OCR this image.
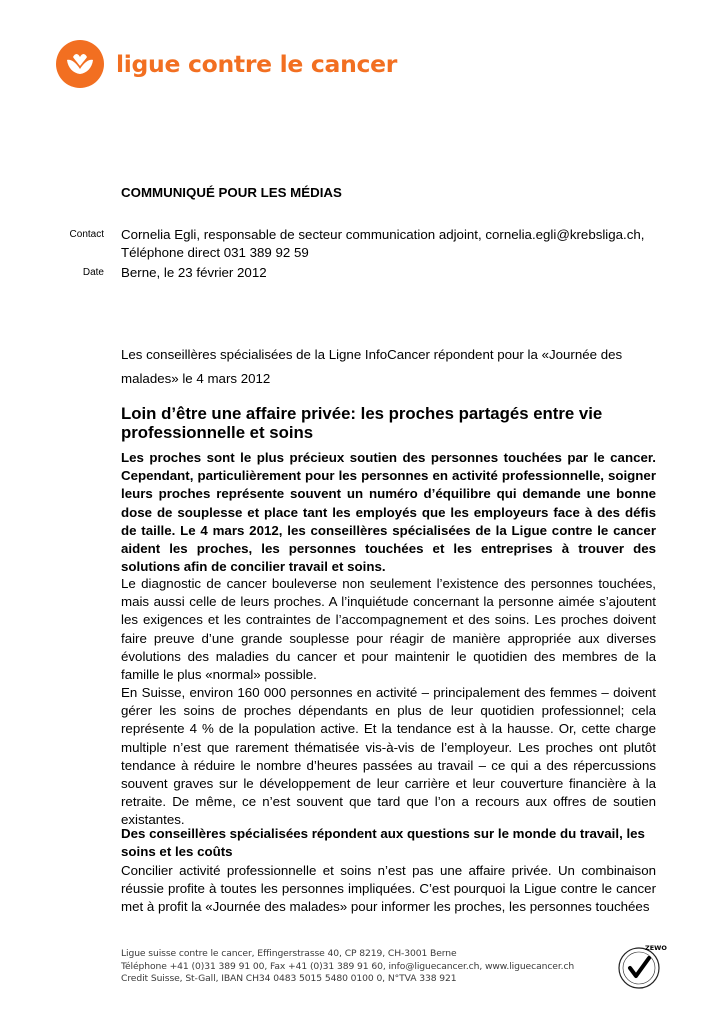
ligue contre le cancer
COMMUNIQUÉ POUR LES MÉDIAS
Contact Cornelia Egli, responsable de secteur communication adjoint, cornelia.egli@krebsliga.ch,
Téléphone direct 031 389 92 59
Date Berne, le 23 février 2012
Les conseillères spécialisées de la Ligne InfoCancer répondent pour la «Journée des malades» le 4 mars 2012
Loin d’être une affaire privée: les proches partagés entre vie professionnelle et soins
Les proches sont le plus précieux soutien des personnes touchées par le cancer. Cependant, particulièrement pour les personnes en activité professionnelle, soigner leurs proches représente souvent un numéro d’équilibre qui demande une bonne dose de souplesse et place tant les employés que les employeurs face à des défis de taille. Le 4 mars 2012, les conseillères spécialisées de la Ligue contre le cancer aident les proches, les personnes touchées et les entreprises à trouver des solutions afin de concilier travail et soins.
Le diagnostic de cancer bouleverse non seulement l’existence des personnes touchées, mais aussi celle de leurs proches. A l’inquiétude concernant la personne aimée s’ajoutent les exigences et les contraintes de l’accompagnement et des soins. Les proches doivent faire preuve d’une grande souplesse pour réagir de manière appropriée aux diverses évolutions des maladies du cancer et pour maintenir le quotidien des membres de la famille le plus «normal» possible.
En Suisse, environ 160 000 personnes en activité – principalement des femmes – doivent gérer les soins de proches dépendants en plus de leur quotidien professionnel; cela représente 4 % de la population active. Et la tendance est à la hausse. Or, cette charge multiple n’est que rarement thématisée vis-à-vis de l’employeur. Les proches ont plutôt tendance à réduire le nombre d’heures passées au travail – ce qui a des répercussions souvent graves sur le développement de leur carrière et leur couverture financière à la retraite. De même, ce n’est souvent que tard que l’on a recours aux offres de soutien existantes.
Des conseillères spécialisées répondent aux questions sur le monde du travail, les soins et les coûts
Concilier activité professionnelle et soins n’est pas une affaire privée. Un combinaison réussie profite à toutes les personnes impliquées. C’est pourquoi la Ligue contre le cancer met à profit la «Journée des malades» pour informer les proches, les personnes touchées
Ligue suisse contre le cancer, Effingerstrasse 40, CP 8219, CH-3001 Berne
Téléphone +41 (0)31 389 91 00, Fax +41 (0)31 389 91 60, info@liguecancer.ch, www.liguecancer.ch
Credit Suisse, St-Gall, IBAN CH34 0483 5015 5480 0100 0, N°TVA 338 921
ZEWO
